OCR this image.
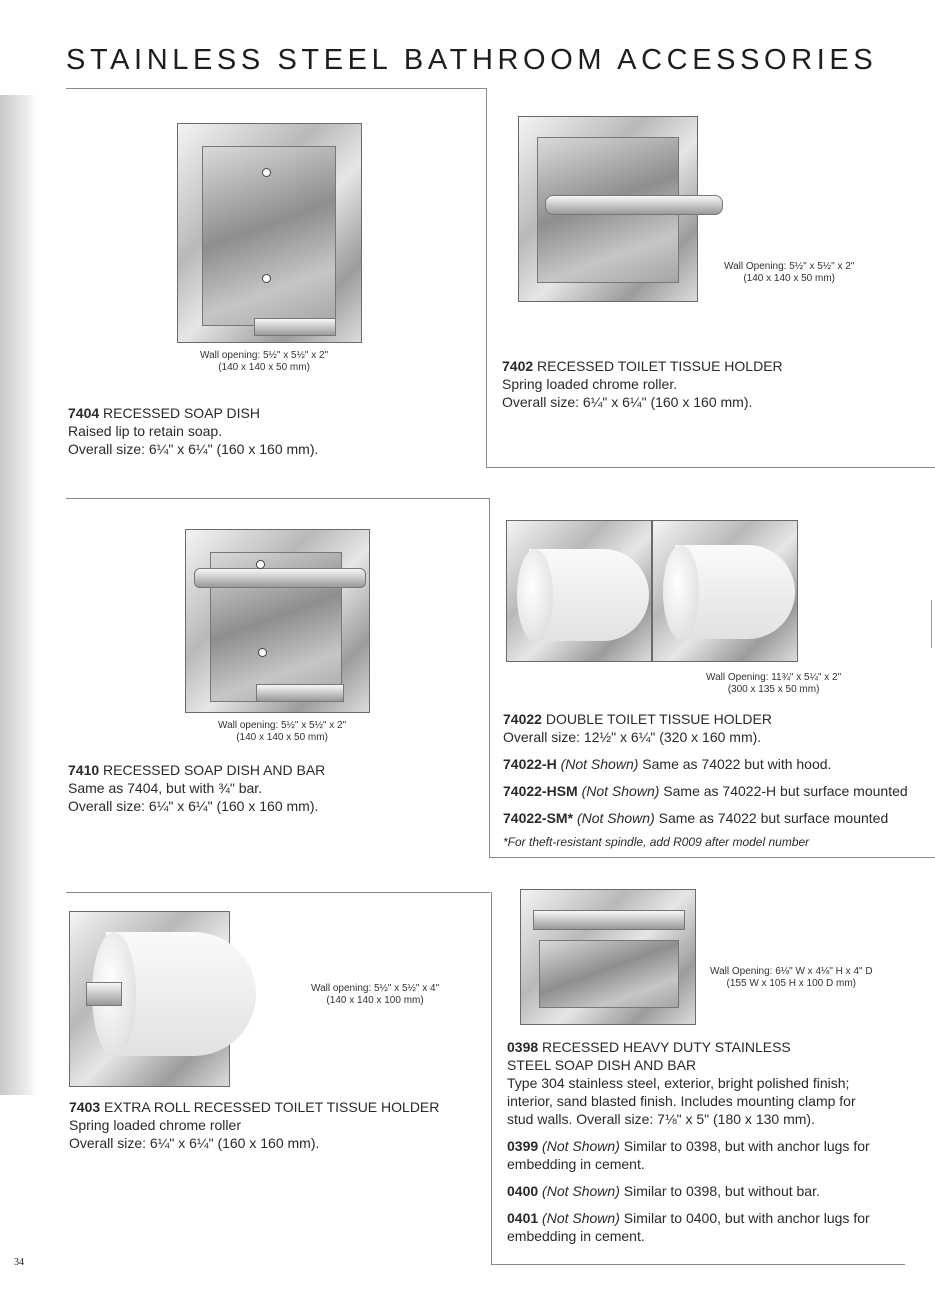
STAINLESS STEEL BATHROOM ACCESSORIES
Wall opening: 5½" x 5½" x 2"
(140 x 140 x 50 mm)

7404 RECESSED SOAP DISH

Raised lip to retain soap.

Overall size: 6¼" x 6¼" (160 x 160 mm).

Wall Opening: 5½" x 5½" x 2"
(140 x 140 x 50 mm)

7402 RECESSED TOILET TISSUE HOLDER

Spring loaded chrome roller.

Overall size: 6¼" x 6¼" (160 x 160 mm).

Wall opening: 5½" x 5½" x 2"
(140 x 140 x 50 mm)

7410 RECESSED SOAP DISH AND BAR

Same as 7404, but with ¾" bar.

Overall size: 6¼" x 6¼" (160 x 160 mm).

Wall Opening: 11¾" x 5¼" x 2"
(300 x 135 x 50 mm)

74022 DOUBLE TOILET TISSUE HOLDER

Overall size: 12½" x 6¼" (320 x 160 mm).

74022-H (Not Shown) Same as 74022 but with hood.

74022-HSM (Not Shown) Same as 74022-H but surface mounted

74022-SM* (Not Shown) Same as 74022 but surface mounted

*For theft-resistant spindle, add R009 after model number

Wall opening: 5½" x 5½" x 4"
(140 x 140 x 100 mm)

7403 EXTRA ROLL RECESSED TOILET TISSUE HOLDER

Spring loaded chrome roller

Overall size: 6¼" x 6¼" (160 x 160 mm).

Wall Opening: 6⅛" W x 4⅛" H x 4" D
(155 W x 105 H x 100 D mm)

0398 RECESSED HEAVY DUTY STAINLESS

STEEL SOAP DISH AND BAR

Type 304 stainless steel, exterior, bright polished finish;

interior, sand blasted finish. Includes mounting clamp for

stud walls. Overall size: 7⅛" x 5" (180 x 130 mm).

0399 (Not Shown) Similar to 0398, but with anchor lugs for

embedding in cement.

0400 (Not Shown) Similar to 0398, but without bar.

0401 (Not Shown) Similar to 0400, but with anchor lugs for

embedding in cement.

34
